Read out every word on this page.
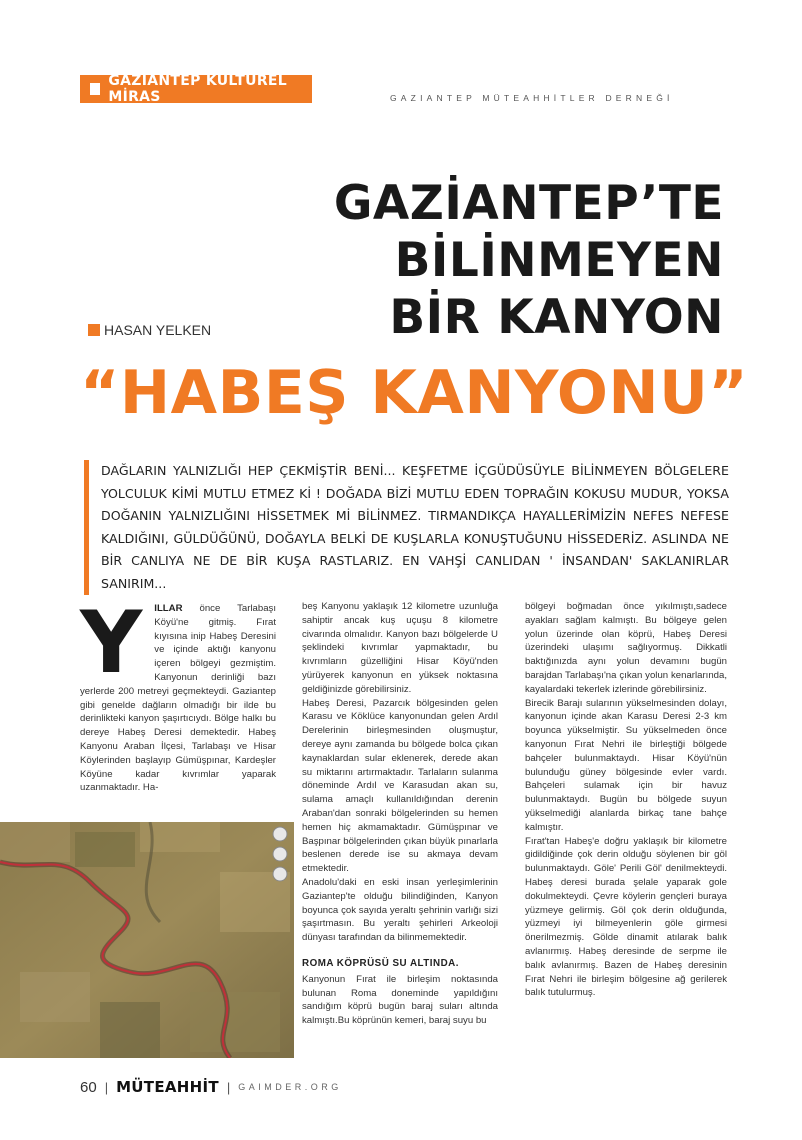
GAZİANTEP KÜLTÜREL MİRAS	GAZIANTEP MÜTEAHHİTLER DERNEĞİ
GAZİANTEP’TE
BİLİNMEYEN
BİR KANYON
HASAN YELKEN
“HABEŞ KANYONU”
DAĞLARIN YALNIZLIĞI HEP ÇEKMİŞTİR BENİ... KEŞFETME İÇGÜDÜSÜYLE BİLİNMEYEN BÖLGELERE YOLCULUK KİMİ MUTLU ETMEZ Kİ ! DOĞADA BİZİ MUTLU EDEN TOPRAĞIN KOKUSU MUDUR, YOKSA DOĞANIN YALNIZLIĞINI HİSSETMEK Mİ BİLİNMEZ. TIRMANDIKÇA HAYALLERİMİZİN NEFES NEFESE KALDIĞINI, GÜLDÜĞÜNÜ, DOĞAYLA BELKİ DE KUŞLARLA KONUŞTUĞUNU HİSSEDERİZ. ASLINDA NE BİR CANLIYA NE DE BİR KUŞA RASTLARIZ. EN VAHŞİ CANLIDAN ' İNSANDAN' SAKLANIRLAR SANIRIM...
Y	ILLAR önce Tarlabaşı Köyü'ne gitmiş. Fırat kıyısına inip Habeş Deresini ve içinde aktığı kanyonu içeren bölgeyi gezmiştim. Kanyonun derinliği bazı yerlerde 200 metreyi geçmekteydi. Gaziantep gibi genelde dağların olmadığı bir ilde bu derinlikteki kanyon şaşırtıcıydı. Bölge halkı bu dereye Habeş Deresi demektedir. Habeş Kanyonu Araban İlçesi, Tarlabaşı ve Hisar Köylerinden başlayıp Gümüşpınar, Kardeşler Köyüne kadar kıvrımlar yaparak uzanmaktadır. Ha-

beş Kanyonu yaklaşık 12 kilometre uzunluğa sahiptir ancak kuş uçuşu 8 kilometre civarında olmalıdır. Kanyon bazı bölgelerde U şeklindeki kıvrımlar yapmaktadır, bu kıvrımların güzelliğini Hisar Köyü'nden yürüyerek kanyonun en yüksek noktasına geldiğinizde görebilirsiniz.

Habeş Deresi, Pazarcık bölgesinden gelen Karasu ve Köklüce kanyonundan gelen Ardıl Derelerinin birleşmesinden oluşmuştur, dereye aynı zamanda bu bölgede bolca çıkan kaynaklardan sular eklenerek, derede akan su miktarını artırmaktadır. Tarlaların sulanma döneminde Ardıl ve Karasudan akan su, sulama amaçlı kullanıldığından derenin Araban'dan sonraki bölgelerinden su hemen hemen hiç akmamaktadır. Gümüşpınar ve Başpınar bölgelerinden çıkan büyük pınarlarla beslenen derede ise su akmaya devam etmektedir.

Anadolu'daki en eski insan yerleşimlerinin Gaziantep'te olduğu bilindiğinden, Kanyon boyunca çok sayıda yeraltı şehrinin varlığı sizi şaşırtmasın. Bu yeraltı şehirleri Arkeoloji dünyası tarafından da bilinmemektedir.

ROMA KÖPRÜSÜ SU ALTINDA.

Kanyonun Fırat ile birleşim noktasında bulunan Roma doneminde yapıldığını sandığım köprü bugün baraj suları altında kalmıştı.Bu köprünün kemeri, baraj suyu bu

bölgeyi boğmadan önce yıkılmıştı,sadece ayakları sağlam kalmıştı. Bu bölgeye gelen yolun üzerinde olan köprü, Habeş Deresi üzerindeki ulaşımı sağlıyormuş. Dikkatli baktığınızda aynı yolun devamını bugün barajdan Tarlabaşı'na çıkan yolun kenarlarında, kayalardaki tekerlek izlerinde görebilirsiniz.

Birecik Barajı sularının yükselmesinden dolayı, kanyonun içinde akan Karasu Deresi 2-3 km boyunca yükselmiştir. Su yükselmeden önce kanyonun Fırat Nehri ile birleştiği bölgede bahçeler bulunmaktaydı. Hisar Köyü'nün bulunduğu güney bölgesinde evler vardı. Bahçeleri sulamak için bir havuz bulunmaktaydı. Bugün bu bölgede suyun yükselmediği alanlarda birkaç tane bahçe kalmıştır.

Fırat'tan Habeş'e doğru yaklaşık bir kilometre gidildiğinde çok derin olduğu söylenen bir göl bulunmaktaydı. Göle' Perili Göl' denilmekteydi. Habeş deresi burada şelale yaparak gole dokulmekteydi. Çevre köylerin gençleri buraya yüzmeye gelirmiş. Göl çok derin olduğunda, yüzmeyi iyi bilmeyenlerin göle girmesi önerilmezmiş. Gölde dinamit atılarak balık avlanırmış. Habeş deresinde de serpme ile balık avlanırmış. Bazen de Habeş deresinin Fırat Nehri ile birleşim bölgesine ağ gerilerek balık tutulurmuş.

60 | MÜTEAHHİT | GAIMDER.ORG
